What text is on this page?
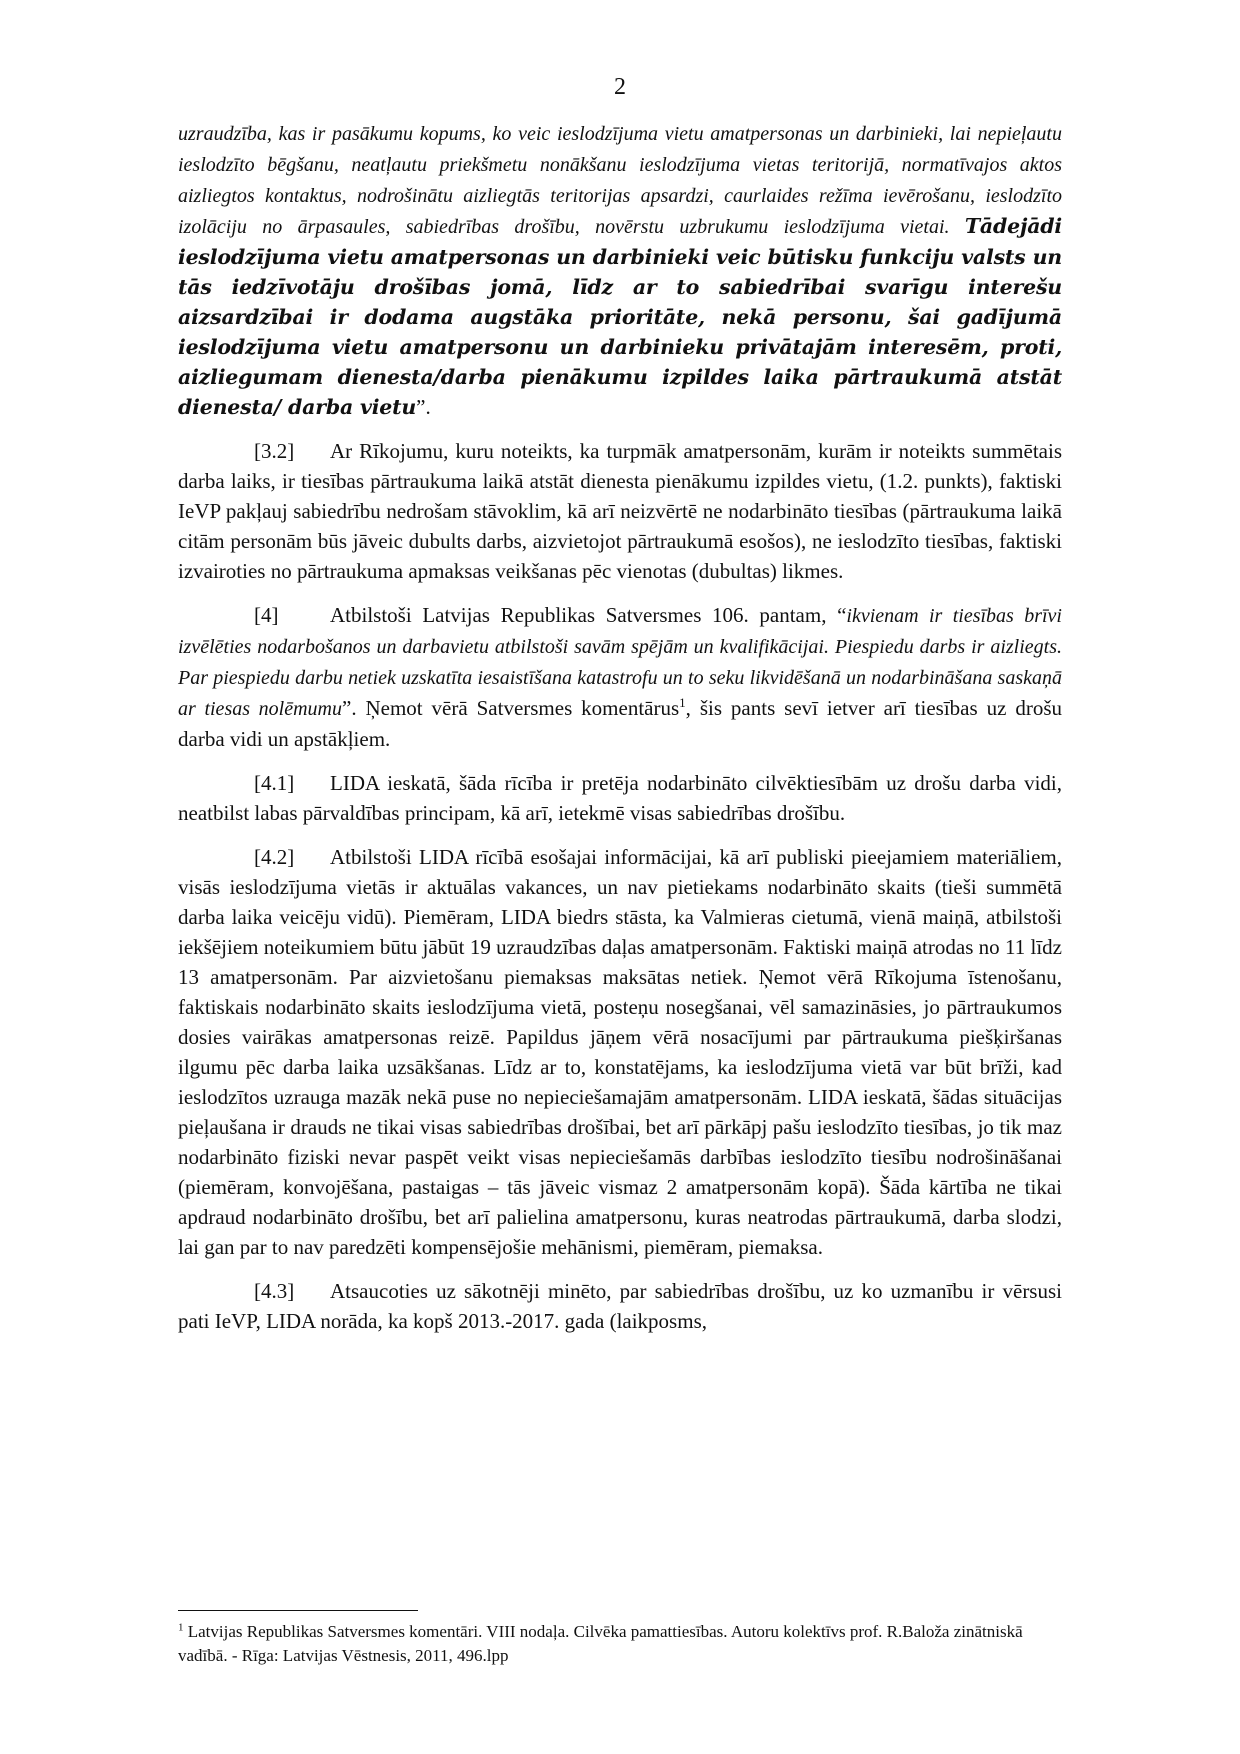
2

uzraudzība, kas ir pasākumu kopums, ko veic ieslodzījuma vietu amatpersonas un darbinieki, lai nepieļautu ieslodzīto bēgšanu, neatļautu priekšmetu nonākšanu ieslodzījuma vietas teritorijā, normatīvajos aktos aizliegtos kontaktus, nodrošinātu aizliegtās teritorijas apsardzi, caurlaides režīma ievērošanu, ieslodzīto izolāciju no ārpasaules, sabiedrības drošību, novērstu uzbrukumu ieslodzījuma vietai. Tādejādi ieslodzījuma vietu amatpersonas un darbinieki veic būtisku funkciju valsts un tās iedzīvotāju drošības jomā, līdz ar to sabiedrībai svarīgu interešu aizsardzībai ir dodama augstāka prioritāte, nekā personu, šai gadījumā ieslodzījuma vietu amatpersonu un darbinieku privātajām interesēm, proti, aizliegumam dienesta/darba pienākumu izpildes laika pārtraukumā atstāt dienesta/ darba vietu”.

[3.2] Ar Rīkojumu, kuru noteikts, ka turpmāk amatpersonām, kurām ir noteikts summētais darba laiks, ir tiesības pārtraukuma laikā atstāt dienesta pienākumu izpildes vietu, (1.2. punkts), faktiski IeVP pakļauj sabiedrību nedrošam stāvoklim, kā arī neizvērtē ne nodarbināto tiesības (pārtraukuma laikā citām personām būs jāveic dubults darbs, aizvietojot pārtraukumā esošos), ne ieslodzīto tiesības, faktiski izvairoties no pārtraukuma apmaksas veikšanas pēc vienotas (dubultas) likmes.

[4] Atbilstoši Latvijas Republikas Satversmes 106. pantam, “ikvienam ir tiesības brīvi izvēlēties nodarbošanos un darbavietu atbilstoši savām spējām un kvalifikācijai. Piespiedu darbs ir aizliegts. Par piespiedu darbu netiek uzskatīta iesaistīšana katastrofu un to seku likvidēšanā un nodarbināšana saskaņā ar tiesas nolēmumu”. Ņemot vērā Satversmes komentārus$^1$, šis pants sevī ietver arī tiesības uz drošu darba vidi un apstākļiem.

[4.1] LIDA ieskatā, šāda rīcība ir pretēja nodarbināto cilvēktiesībām uz drošu darba vidi, neatbilst labas pārvaldības principam, kā arī, ietekmē visas sabiedrības drošību.

[4.2] Atbilstoši LIDA rīcībā esošajai informācijai, kā arī publiski pieejamiem materiāliem, visās ieslodzījuma vietās ir aktuālas vakances, un nav pietiekams nodarbināto skaits (tieši summētā darba laika veicēju vidū). Piemēram, LIDA biedrs stāsta, ka Valmieras cietumā, vienā maiņā, atbilstoši iekšējiem noteikumiem būtu jābūt 19 uzraudzības daļas amatpersonām. Faktiski maiņā atrodas no 11 līdz 13 amatpersonām. Par aizvietošanu piemaksas maksātas netiek. Ņemot vērā Rīkojuma īstenošanu, faktiskais nodarbināto skaits ieslodzījuma vietā, posteņu nosegšanai, vēl samazināsies, jo pārtraukumos dosies vairākas amatpersonas reizē. Papildus jāņem vērā nosacījumi par pārtraukuma piešķiršanas ilgumu pēc darba laika uzsākšanas. Līdz ar to, konstatējams, ka ieslodzījuma vietā var būt brīži, kad ieslodzītos uzrauga mazāk nekā puse no nepieciešamajām amatpersonām. LIDA ieskatā, šādas situācijas pieļaušana ir drauds ne tikai visas sabiedrības drošībai, bet arī pārkāpj pašu ieslodzīto tiesības, jo tik maz nodarbināto fiziski nevar paspēt veikt visas nepieciešamās darbības ieslodzīto tiesību nodrošināšanai (piemēram, konvojēšana, pastaigas – tās jāveic vismaz 2 amatpersonām kopā). Šāda kārtība ne tikai apdraud nodarbināto drošību, bet arī palielina amatpersonu, kuras neatrodas pārtraukumā, darba slodzi, lai gan par to nav paredzēti kompensējošie mehānismi, piemēram, piemaksa.

[4.3] Atsaucoties uz sākotnēji minēto, par sabiedrības drošību, uz ko uzmanību ir vērsusi pati IeVP, LIDA norāda, ka kopš 2013.-2017. gada (laikposms,

$^1$ Latvijas Republikas Satversmes komentāri. VIII nodaļa. Cilvēka pamattiesības. Autoru kolektīvs prof. R.Baloža zinātniskā vadībā. - Rīga: Latvijas Vēstnesis, 2011, 496.lpp
